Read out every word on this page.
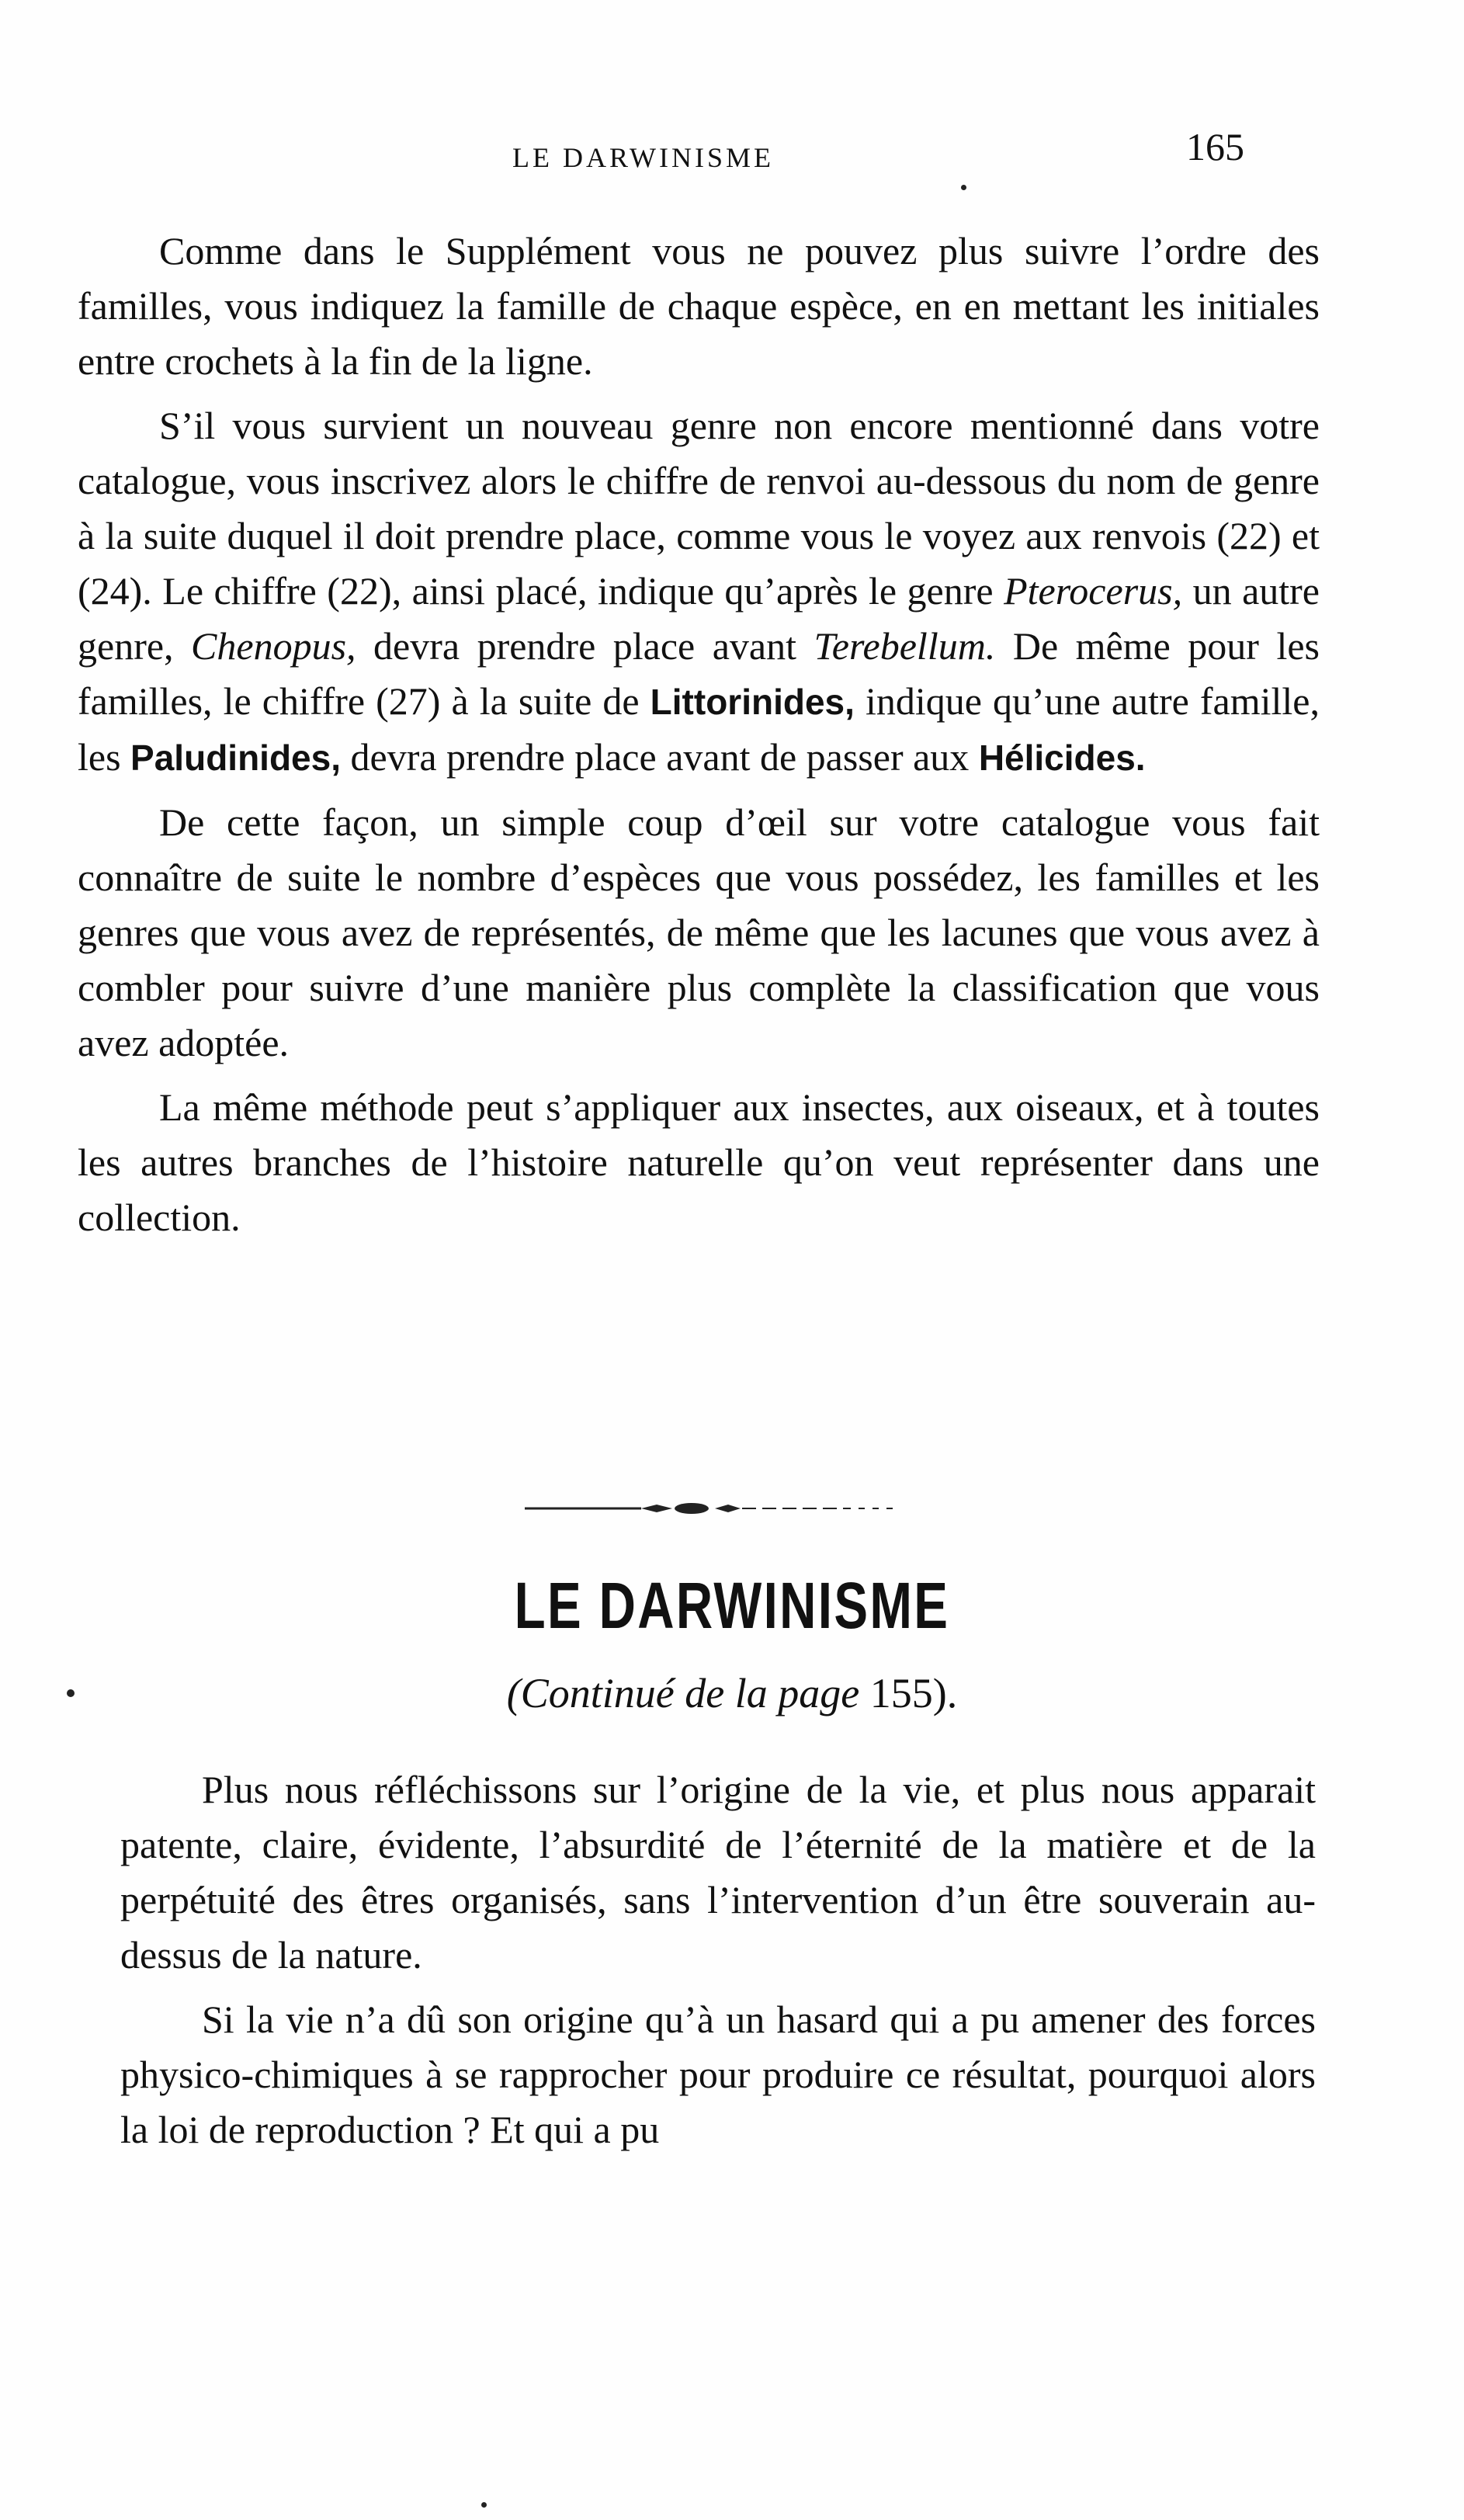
LE DARWINISME	165

Comme dans le Supplément vous ne pouvez plus suivre l’ordre des familles, vous indiquez la famille de chaque espèce, en en mettant les initiales entre crochets à la fin de la ligne.

S’il vous survient un nouveau genre non encore mentionné dans votre catalogue, vous inscrivez alors le chiffre de renvoi au-dessous du nom de genre à la suite duquel il doit prendre place, comme vous le voyez aux renvois (22) et (24). Le chiffre (22), ainsi placé, indique qu’après le genre Pterocerus, un autre genre, Chenopus, devra prendre place avant Terebellum. De même pour les familles, le chiffre (27) à la suite de Littorinides, indique qu’une autre famille, les Paludinides, devra prendre place avant de passer aux Hélicides.

De cette façon, un simple coup d’œil sur votre catalogue vous fait connaître de suite le nombre d’espèces que vous possédez, les familles et les genres que vous avez de représentés, de même que les lacunes que vous avez à combler pour suivre d’une manière plus complète la classification que vous avez adoptée.

La même méthode peut s’appliquer aux insectes, aux oiseaux, et à toutes les autres branches de l’histoire naturelle qu’on veut représenter dans une collection.

LE DARWINISME
(Continué de la page 155).

Plus nous réfléchissons sur l’origine de la vie, et plus nous apparait patente, claire, évidente, l’absurdité de l’éternité de la matière et de la perpétuité des êtres organisés, sans l’intervention d’un être souverain au-dessus de la nature.

Si la vie n’a dû son origine qu’à un hasard qui a pu amener des forces physico-chimiques à se rapprocher pour produire ce résultat, pourquoi alors la loi de reproduction ? Et qui a pu
